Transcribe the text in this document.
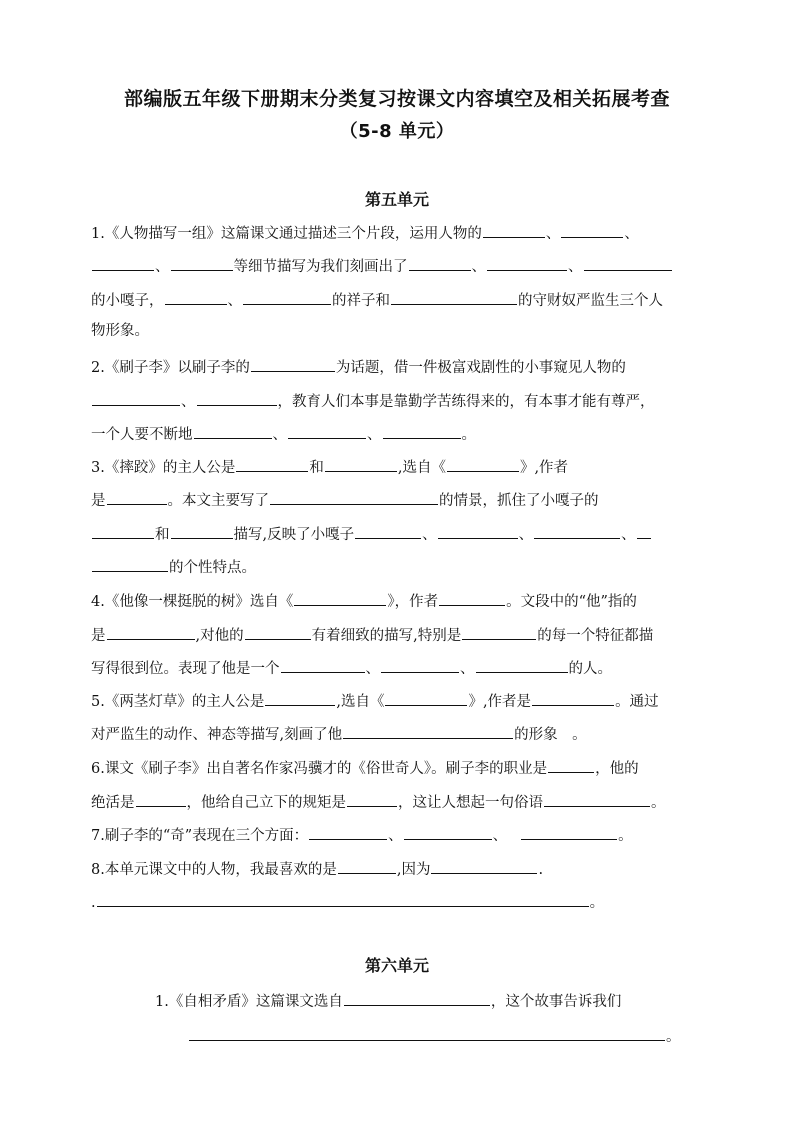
部编版五年级下册期末分类复习按课文内容填空及相关拓展考查
（5-8 单元）
第五单元
1.《人物描写一组》这篇课文通过描述三个片段，运用人物的	、	、
、	等细节描写为我们刻画出了	、	、
的小嘎子，	、	的祥子和	的守财奴严监生三个人
物形象。
2.《刷子李》以刷子李的	为话题，借一件极富戏剧性的小事窥见人物的
、	，教育人们本事是靠勤学苦练得来的，有本事才能有尊严，
一个人要不断地	、	、	。
3.《摔跤》的主人公是	和	,选自《	》,作者
是	。本文主要写了	的情景，抓住了小嘎子的
和	描写,反映了小嘎子	、	、	、
的个性特点。
4.《他像一棵挺脱的树》选自《	》，作者	。文段中的“他”指的
是	,对他的	有着细致的描写,特别是	的每一个特征都描
写得很到位。表现了他是一个	、	、	的人。
5.《两茎灯草》的主人公是	,选自《	》,作者是	。通过
对严监生的动作、神态等描写,刻画了他	的形象　。
6.课文《刷子李》出自著名作家冯骥才的《俗世奇人》。刷子李的职业是	，他的
绝活是	，他给自己立下的规矩是	，这让人想起一句俗语	。
7.刷子李的“奇”表现在三个方面：	、	、	。
8.本单元课文中的人物，我最喜欢的是	,因为	.
.	。
第六单元
1.《自相矛盾》这篇课文选自	，这个故事告诉我们
。
